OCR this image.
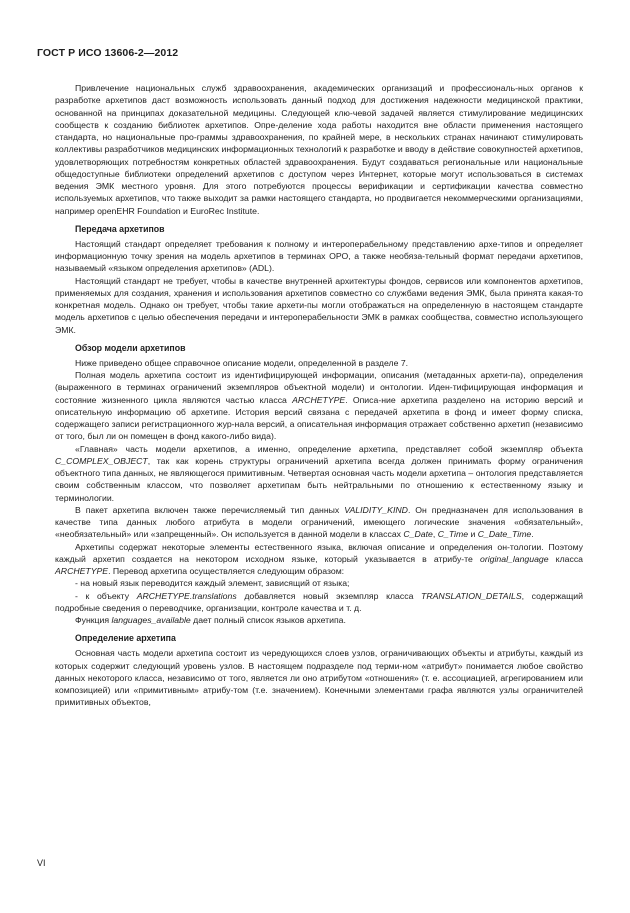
ГОСТ Р ИСО 13606-2—2012

Привлечение национальных служб здравоохранения, академических организаций и профессиональ-ных органов к разработке архетипов даст возможность использовать данный подход для достижения надежности медицинской практики, основанной на принципах доказательной медицины. Следующей клю-чевой задачей является стимулирование медицинских сообществ к созданию библиотек архетипов. Опре-деление хода работы находится вне области применения настоящего стандарта, но национальные про-граммы здравоохранения, по крайней мере, в нескольких странах начинают стимулировать коллективы разработчиков медицинских информационных технологий к разработке и вводу в действие совокупностей архетипов, удовлетворяющих потребностям конкретных областей здравоохранения. Будут создаваться региональные или национальные общедоступные библиотеки определений архетипов с доступом через Интернет, которые могут использоваться в системах ведения ЭМК местного уровня. Для этого потребуются процессы верификации и сертификации качества совместно используемых архетипов, что также выходит за рамки настоящего стандарта, но продвигается некоммерческими организациями, например openEHR Foundation и EuroRec Institute.

Передача архетипов

Настоящий стандарт определяет требования к полному и интероперабельному представлению архе-типов и определяет информационную точку зрения на модель архетипов в терминах ОРО, а также необяза-тельный формат передачи архетипов, называемый «языком определения архетипов» (ADL).

Настоящий стандарт не требует, чтобы в качестве внутренней архитектуры фондов, сервисов или компонентов архетипов, применяемых для создания, хранения и использования архетипов совместно со службами ведения ЭМК, была принята какая-то конкретная модель. Однако он требует, чтобы такие архети-пы могли отображаться на определенную в настоящем стандарте модель архетипов с целью обеспечения передачи и интероперабельности ЭМК в рамках сообщества, совместно использующего ЭМК.

Обзор модели архетипов

Ниже приведено общее справочное описание модели, определенной в разделе 7.

Полная модель архетипа состоит из идентифицирующей информации, описания (метаданных архети-па), определения (выраженного в терминах ограничений экземпляров объектной модели) и онтологии. Иден-тифицирующая информация и состояние жизненного цикла являются частью класса ARCHETYPE. Описа-ние архетипа разделено на историю версий и описательную информацию об архетипе. История версий связана с передачей архетипа в фонд и имеет форму списка, содержащего записи регистрационного жур-нала версий, а описательная информация отражает собственно архетип (независимо от того, был ли он помещен в фонд какого-либо вида).

«Главная» часть модели архетипов, а именно, определение архетипа, представляет собой экземпляр объекта C_COMPLEX_OBJECT, так как корень структуры ограничений архетипа всегда должен принимать форму ограничения объектного типа данных, не являющегося примитивным. Четвертая основная часть модели архетипа – онтология представляется своим собственным классом, что позволяет архетипам быть нейтральными по отношению к естественному языку и терминологии.

В пакет архетипа включен также перечисляемый тип данных VALIDITY_KIND. Он предназначен для использования в качестве типа данных любого атрибута в модели ограничений, имеющего логические значения «обязательный», «необязательный» или «запрещенный». Он используется в данной модели в классах C_Date, C_Time и C_Date_Time.

Архетипы содержат некоторые элементы естественного языка, включая описание и определения он-тологии. Поэтому каждый архетип создается на некотором исходном языке, который указывается в атрибу-те original_language класса ARCHETYPE. Перевод архетипа осуществляется следующим образом:

- на новый язык переводится каждый элемент, зависящий от языка;

- к объекту ARCHETYPE.translations добавляется новый экземпляр класса TRANSLATION_DETAILS, содержащий подробные сведения о переводчике, организации, контроле качества и т. д.

Функция languages_available дает полный список языков архетипа.

Определение архетипа

Основная часть модели архетипа состоит из чередующихся слоев узлов, ограничивающих объекты и атрибуты, каждый из которых содержит следующий уровень узлов. В настоящем подразделе под терми-ном «атрибут» понимается любое свойство данных некоторого класса, независимо от того, является ли оно атрибутом «отношения» (т. е. ассоциацией, агрегированием или композицией) или «примитивным» атрибу-том (т.е. значением). Конечными элементами графа являются узлы ограничителей примитивных объектов,

VI
